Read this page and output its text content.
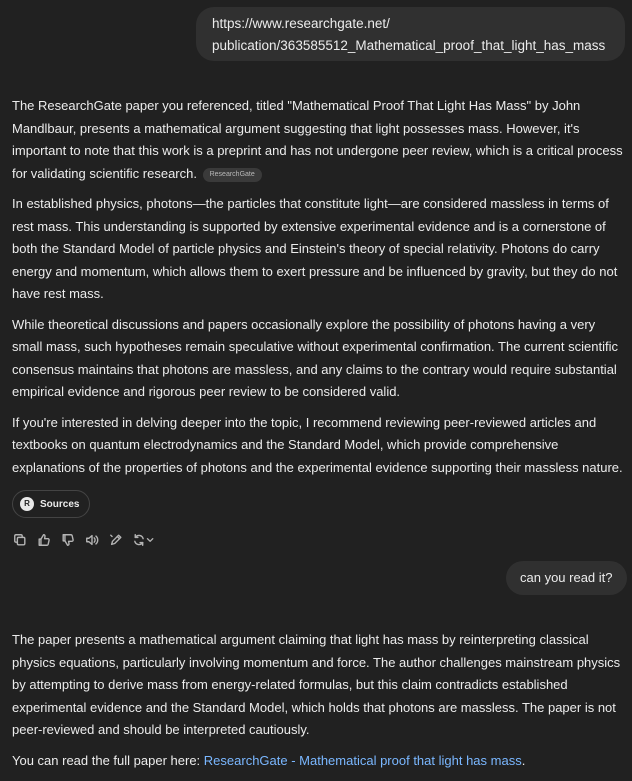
https://www.researchgate.net/
publication/363585512_Mathematical_proof_that_light_has_mass

The ResearchGate paper you referenced, titled "Mathematical Proof That Light Has Mass" by John Mandlbaur, presents a mathematical argument suggesting that light possesses mass. However, it's important to note that this work is a preprint and has not undergone peer review, which is a critical process for validating scientific research. ResearchGate

In established physics, photons—the particles that constitute light—are considered massless in terms of rest mass. This understanding is supported by extensive experimental evidence and is a cornerstone of both the Standard Model of particle physics and Einstein's theory of special relativity. Photons do carry energy and momentum, which allows them to exert pressure and be influenced by gravity, but they do not have rest mass.

While theoretical discussions and papers occasionally explore the possibility of photons having a very small mass, such hypotheses remain speculative without experimental confirmation. The current scientific consensus maintains that photons are massless, and any claims to the contrary would require substantial empirical evidence and rigorous peer review to be considered valid.

If you're interested in delving deeper into the topic, I recommend reviewing peer-reviewed articles and textbooks on quantum electrodynamics and the Standard Model, which provide comprehensive explanations of the properties of photons and the experimental evidence supporting their massless nature.

R	Sources
can you read it?

The paper presents a mathematical argument claiming that light has mass by reinterpreting classical physics equations, particularly involving momentum and force. The author challenges mainstream physics by attempting to derive mass from energy-related formulas, but this claim contradicts established experimental evidence and the Standard Model, which holds that photons are massless. The paper is not peer-reviewed and should be interpreted cautiously.

You can read the full paper here: ResearchGate - Mathematical proof that light has mass.
